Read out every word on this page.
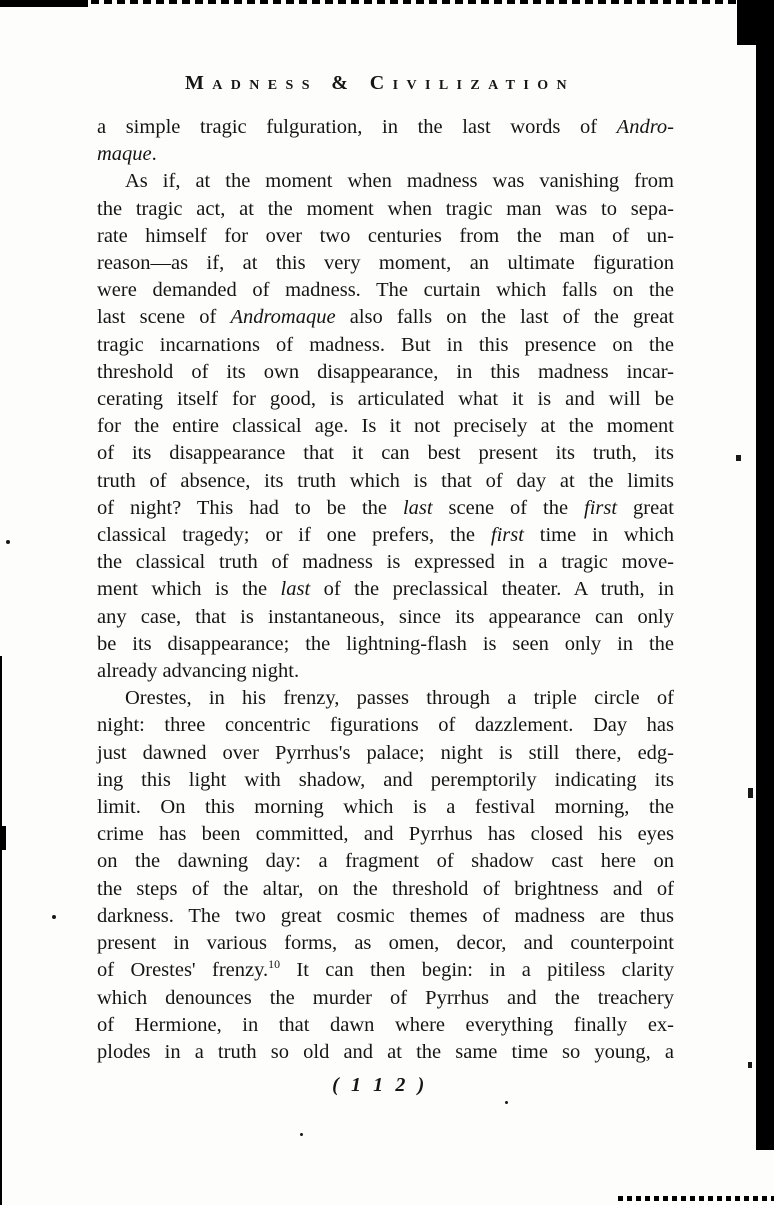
Madness & Civilization
a simple tragic fulguration, in the last words of Andro-
maque.
As if, at the moment when madness was vanishing from
the tragic act, at the moment when tragic man was to sepa-
rate himself for over two centuries from the man of un-
reason—as if, at this very moment, an ultimate figuration
were demanded of madness. The curtain which falls on the
last scene of Andromaque also falls on the last of the great
tragic incarnations of madness. But in this presence on the
threshold of its own disappearance, in this madness incar-
cerating itself for good, is articulated what it is and will be
for the entire classical age. Is it not precisely at the moment
of its disappearance that it can best present its truth, its
truth of absence, its truth which is that of day at the limits
of night? This had to be the last scene of the first great
classical tragedy; or if one prefers, the first time in which
the classical truth of madness is expressed in a tragic move-
ment which is the last of the preclassical theater. A truth, in
any case, that is instantaneous, since its appearance can only
be its disappearance; the lightning-flash is seen only in the
already advancing night.
Orestes, in his frenzy, passes through a triple circle of
night: three concentric figurations of dazzlement. Day has
just dawned over Pyrrhus's palace; night is still there, edg-
ing this light with shadow, and peremptorily indicating its
limit. On this morning which is a festival morning, the
crime has been committed, and Pyrrhus has closed his eyes
on the dawning day: a fragment of shadow cast here on
the steps of the altar, on the threshold of brightness and of
darkness. The two great cosmic themes of madness are thus
present in various forms, as omen, decor, and counterpoint
of Orestes' frenzy.$^{10}$ It can then begin: in a pitiless clarity
which denounces the murder of Pyrrhus and the treachery
of Hermione, in that dawn where everything finally ex-
plodes in a truth so old and at the same time so young, a
( 1 1 2 )
